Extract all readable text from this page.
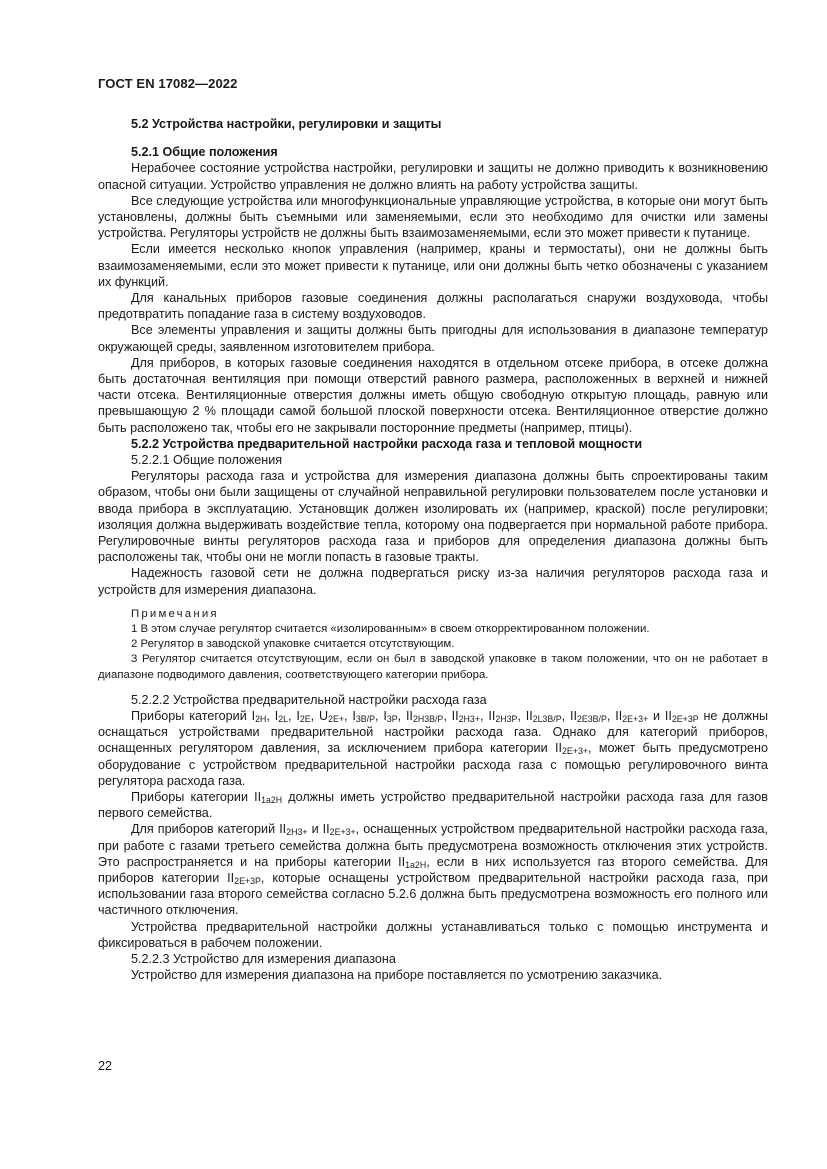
ГОСТ EN 17082—2022

5.2 Устройства настройки, регулировки и защиты

5.2.1 Общие положения

Нерабочее состояние устройства настройки, регулировки и защиты не должно приводить к возникновению опасной ситуации. Устройство управления не должно влиять на работу устройства защиты.

Все следующие устройства или многофункциональные управляющие устройства, в которые они могут быть установлены, должны быть съемными или заменяемыми, если это необходимо для очистки или замены устройства. Регуляторы устройств не должны быть взаимозаменяемыми, если это может привести к путанице.

Если имеется несколько кнопок управления (например, краны и термостаты), они не должны быть взаимозаменяемыми, если это может привести к путанице, или они должны быть четко обозначены с указанием их функций.

Для канальных приборов газовые соединения должны располагаться снаружи воздуховода, чтобы предотвратить попадание газа в систему воздуховодов.

Все элементы управления и защиты должны быть пригодны для использования в диапазоне температур окружающей среды, заявленном изготовителем прибора.

Для приборов, в которых газовые соединения находятся в отдельном отсеке прибора, в отсеке должна быть достаточная вентиляция при помощи отверстий равного размера, расположенных в верхней и нижней части отсека. Вентиляционные отверстия должны иметь общую свободную открытую площадь, равную или превышающую 2 % площади самой большой плоской поверхности отсека. Вентиляционное отверстие должно быть расположено так, чтобы его не закрывали посторонние предметы (например, птицы).

5.2.2 Устройства предварительной настройки расхода газа и тепловой мощности

5.2.2.1 Общие положения

Регуляторы расхода газа и устройства для измерения диапазона должны быть спроектированы таким образом, чтобы они были защищены от случайной неправильной регулировки пользователем после установки и ввода прибора в эксплуатацию. Установщик должен изолировать их (например, краской) после регулировки; изоляция должна выдерживать воздействие тепла, которому она подвергается при нормальной работе прибора. Регулировочные винты регуляторов расхода газа и приборов для определения диапазона должны быть расположены так, чтобы они не могли попасть в газовые тракты.

Надежность газовой сети не должна подвергаться риску из-за наличия регуляторов расхода газа и устройств для измерения диапазона.

Примечания

1 В этом случае регулятор считается «изолированным» в своем откорректированном положении.

2 Регулятор в заводской упаковке считается отсутствующим.

3 Регулятор считается отсутствующим, если он был в заводской упаковке в таком положении, что он не работает в диапазоне подводимого давления, соответствующего категории прибора.

5.2.2.2 Устройства предварительной настройки расхода газа

Приборы категорий $I_{2H}$, $I_{2L}$, $I_{2E}$, $U_{2E+}$, $I_{3B/P}$, $I_{3P}$, $II_{2H3B/P}$, $II_{2H3+}$, $II_{2H3P}$, $II_{2L3B/P}$, $II_{2E3B/P}$, $II_{2E+3+}$ и $II_{2E+3P}$ не должны оснащаться устройствами предварительной настройки расхода газа. Однако для категорий приборов, оснащенных регулятором давления, за исключением прибора категории $II_{2E+3+}$, может быть предусмотрено оборудование с устройством предварительной настройки расхода газа с помощью регулировочного винта регулятора расхода газа.

Приборы категории $II_{1a2H}$ должны иметь устройство предварительной настройки расхода газа для газов первого семейства.

Для приборов категорий $II_{2H3+}$ и $II_{2E+3+}$, оснащенных устройством предварительной настройки расхода газа, при работе с газами третьего семейства должна быть предусмотрена возможность отключения этих устройств. Это распространяется и на приборы категории $II_{1a2H}$, если в них используется газ второго семейства. Для приборов категории $II_{2E+3P}$, которые оснащены устройством предварительной настройки расхода газа, при использовании газа второго семейства согласно 5.2.6 должна быть предусмотрена возможность его полного или частичного отключения.

Устройства предварительной настройки должны устанавливаться только с помощью инструмента и фиксироваться в рабочем положении.

5.2.2.3 Устройство для измерения диапазона

Устройство для измерения диапазона на приборе поставляется по усмотрению заказчика.

22
